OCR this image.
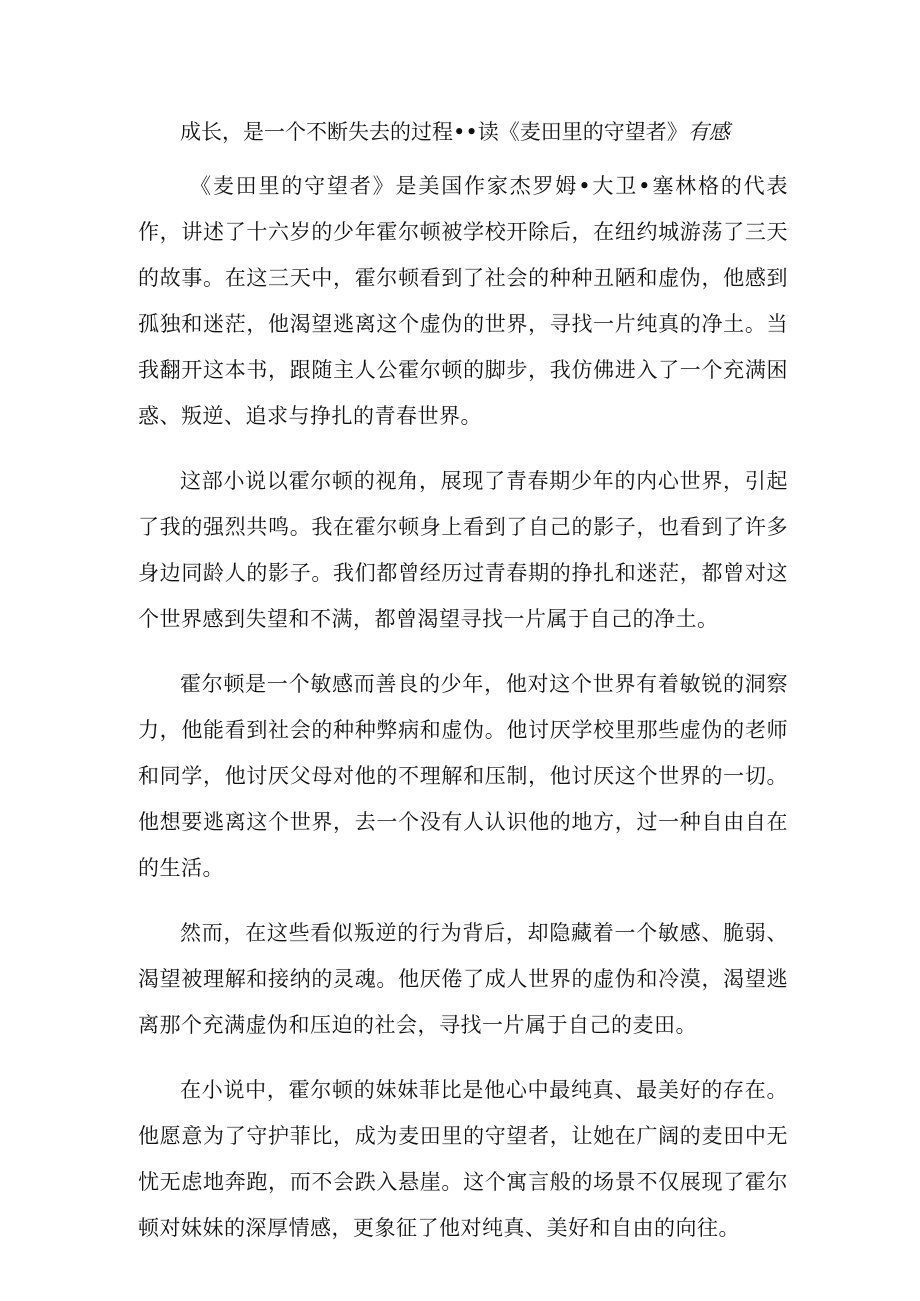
成长，是一个不断失去的过程••读《麦田里的守望者》有感

《麦田里的守望者》是美国作家杰罗姆•大卫•塞林格的代表作，讲述了十六岁的少年霍尔顿被学校开除后，在纽约城游荡了三天的故事。在这三天中，霍尔顿看到了社会的种种丑陋和虚伪，他感到孤独和迷茫，他渴望逃离这个虚伪的世界，寻找一片纯真的净土。当我翻开这本书，跟随主人公霍尔顿的脚步，我仿佛进入了一个充满困惑、叛逆、追求与挣扎的青春世界。

这部小说以霍尔顿的视角，展现了青春期少年的内心世界，引起了我的强烈共鸣。我在霍尔顿身上看到了自己的影子，也看到了许多身边同龄人的影子。我们都曾经历过青春期的挣扎和迷茫，都曾对这个世界感到失望和不满，都曾渴望寻找一片属于自己的净土。

霍尔顿是一个敏感而善良的少年，他对这个世界有着敏锐的洞察力，他能看到社会的种种弊病和虚伪。他讨厌学校里那些虚伪的老师和同学，他讨厌父母对他的不理解和压制，他讨厌这个世界的一切。他想要逃离这个世界，去一个没有人认识他的地方，过一种自由自在的生活。

然而，在这些看似叛逆的行为背后，却隐藏着一个敏感、脆弱、渴望被理解和接纳的灵魂。他厌倦了成人世界的虚伪和冷漠，渴望逃离那个充满虚伪和压迫的社会，寻找一片属于自己的麦田。

在小说中，霍尔顿的妹妹菲比是他心中最纯真、最美好的存在。他愿意为了守护菲比，成为麦田里的守望者，让她在广阔的麦田中无忧无虑地奔跑，而不会跌入悬崖。这个寓言般的场景不仅展现了霍尔顿对妹妹的深厚情感，更象征了他对纯真、美好和自由的向往。
